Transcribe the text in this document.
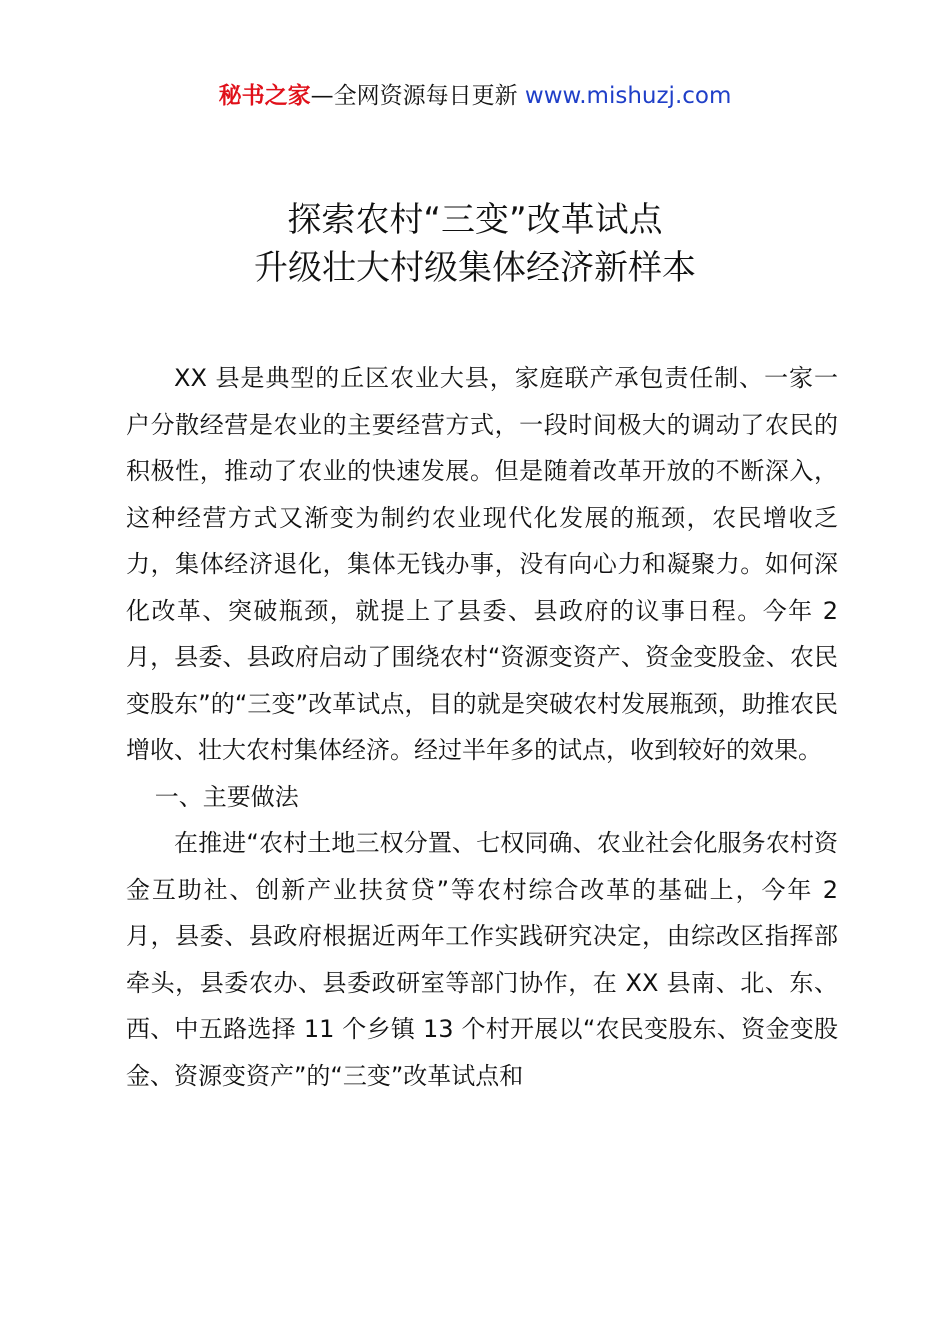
秘书之家—全网资源每日更新 www.mishuzj.com
探索农村“三变”改革试点
升级壮大村级集体经济新样本

XX 县是典型的丘区农业大县，家庭联产承包责任制、一家一户分散经营是农业的主要经营方式，一段时间极大的调动了农民的积极性，推动了农业的快速发展。但是随着改革开放的不断深入，这种经营方式又渐变为制约农业现代化发展的瓶颈，农民增收乏力，集体经济退化，集体无钱办事，没有向心力和凝聚力。如何深化改革、突破瓶颈，就提上了县委、县政府的议事日程。今年 2 月，县委、县政府启动了围绕农村“资源变资产、资金变股金、农民变股东”的“三变”改革试点，目的就是突破农村发展瓶颈，助推农民增收、壮大农村集体经济。经过半年多的试点，收到较好的效果。

一、主要做法

在推进“农村土地三权分置、七权同确、农业社会化服务农村资金互助社、创新产业扶贫贷”等农村综合改革的基础上，今年 2 月，县委、县政府根据近两年工作实践研究决定，由综改区指挥部牵头，县委农办、县委政研室等部门协作，在 XX 县南、北、东、西、中五路选择 11 个乡镇 13 个村开展以“农民变股东、资金变股金、资源变资产”的“三变”改革试点和
